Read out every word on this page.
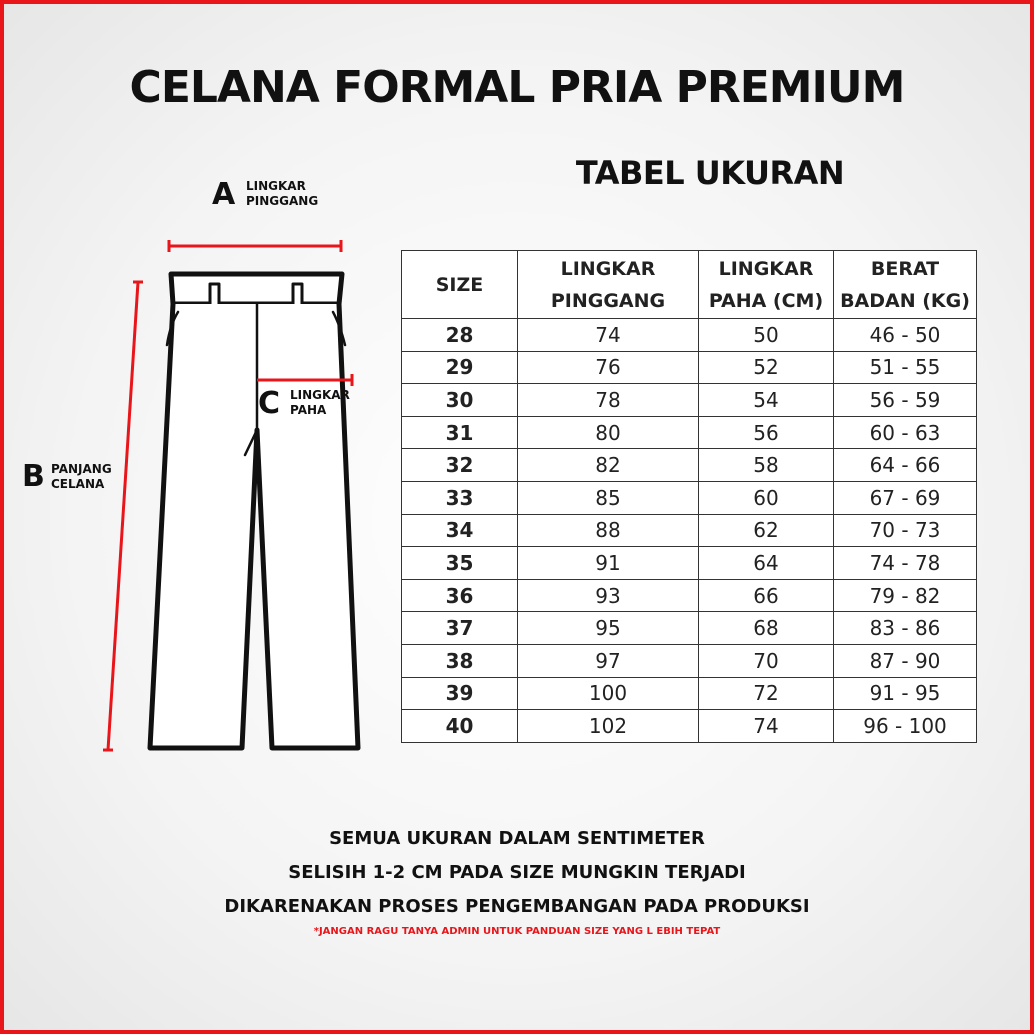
CELANA FORMAL PRIA PREMIUM
TABEL UKURAN
A LINGKAR
PINGGANG
B PANJANG
CELANA
C LINGKAR
PAHA
SIZE	LINGKAR PINGGANG	LINGKAR PAHA (CM)	BERAT BADAN (KG)
28	74	50	46 - 50
29	76	52	51 - 55
30	78	54	56 - 59
31	80	56	60 - 63
32	82	58	64 - 66
33	85	60	67 - 69
34	88	62	70 - 73
35	91	64	74 - 78
36	93	66	79 - 82
37	95	68	83 - 86
38	97	70	87 - 90
39	100	72	91 - 95
40	102	74	96 - 100
SEMUA UKURAN DALAM SENTIMETER
SELISIH 1-2 CM PADA SIZE MUNGKIN TERJADI
DIKARENAKAN PROSES PENGEMBANGAN PADA PRODUKSI
*JANGAN RAGU TANYA ADMIN UNTUK PANDUAN SIZE YANG L EBIH TEPAT
